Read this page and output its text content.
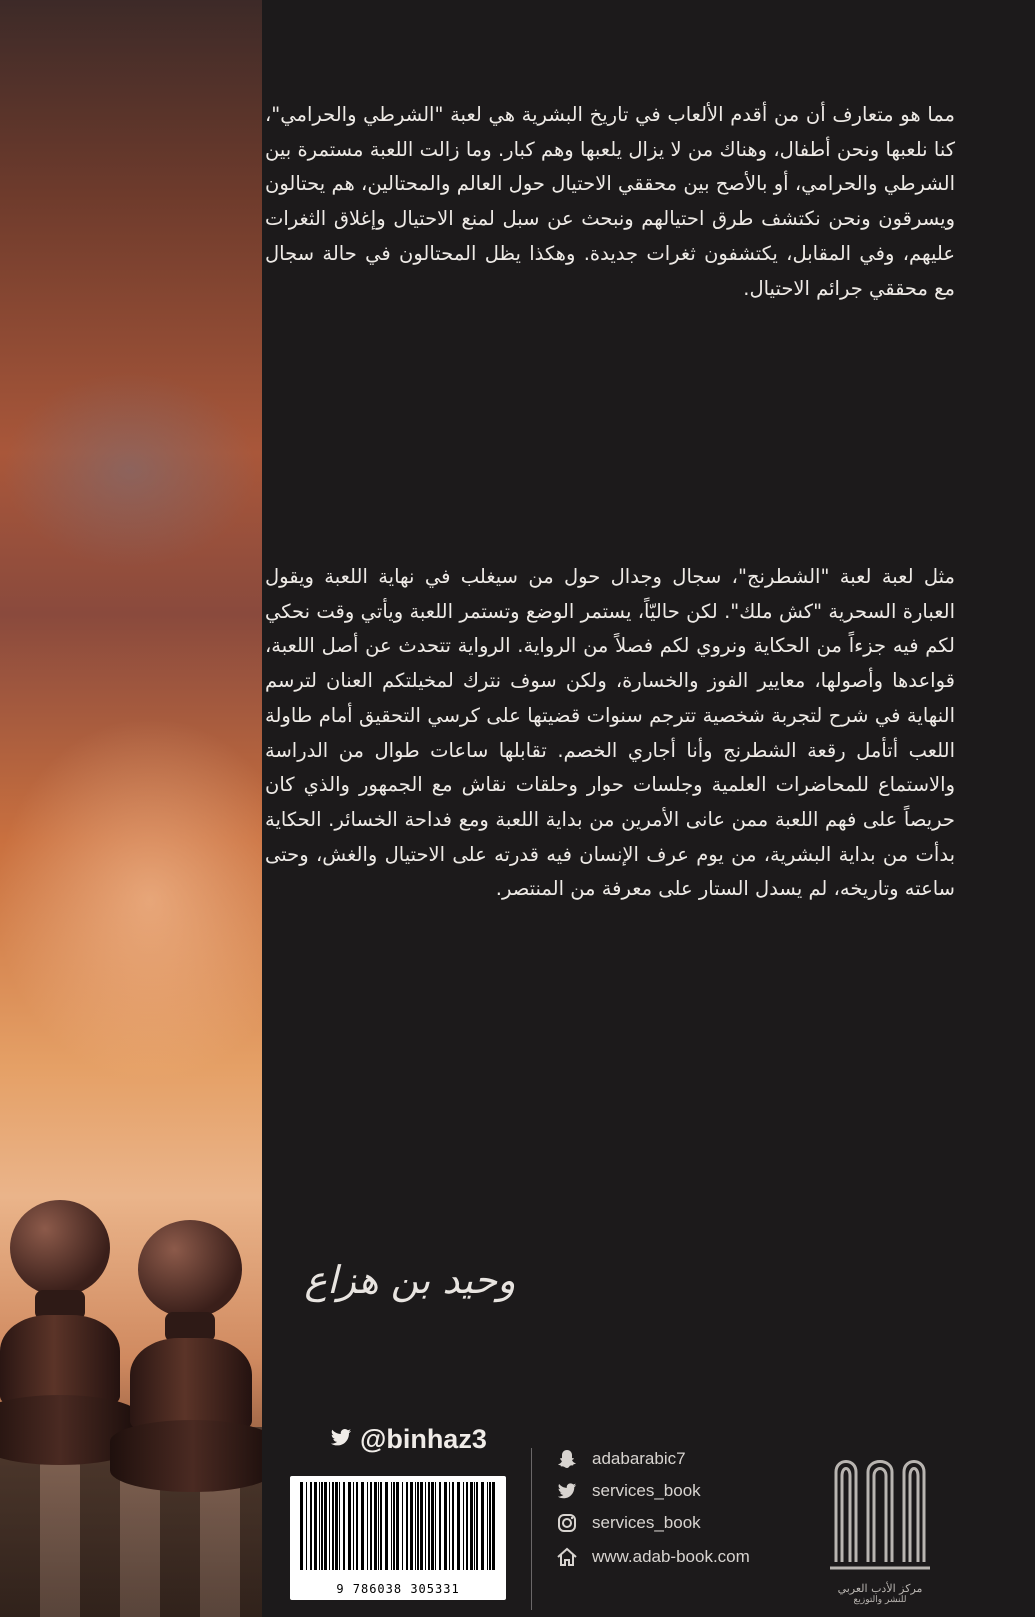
مما هو متعارف أن من أقدم الألعاب في تاريخ البشرية هي لعبة "الشرطي والحرامي"، كنا نلعبها ونحن أطفال، وهناك من لا يزال يلعبها وهم كبار. وما زالت اللعبة مستمرة بين الشرطي والحرامي، أو بالأصح بين محققي الاحتيال حول العالم والمحتالين، هم يحتالون ويسرقون ونحن نكتشف طرق احتيالهم ونبحث عن سبل لمنع الاحتيال وإغلاق الثغرات عليهم، وفي المقابل، يكتشفون ثغرات جديدة. وهكذا يظل المحتالون في حالة سجال مع محققي جرائم الاحتيال.

مثل لعبة لعبة "الشطرنج"، سجال وجدال حول من سيغلب في نهاية اللعبة ويقول العبارة السحرية "كش ملك". لكن حاليّاً، يستمر الوضع وتستمر اللعبة ويأتي وقت نحكي لكم فيه جزءاً من الحكاية ونروي لكم فصلاً من الرواية. الرواية تتحدث عن أصل اللعبة، قواعدها وأصولها، معايير الفوز والخسارة، ولكن سوف نترك لمخيلتكم العنان لترسم النهاية في شرح لتجربة شخصية تترجم سنوات قضيتها على كرسي التحقيق أمام طاولة اللعب أتأمل رقعة الشطرنج وأنا أجاري الخصم. تقابلها ساعات طوال من الدراسة والاستماع للمحاضرات العلمية وجلسات حوار وحلقات نقاش مع الجمهور والذي كان حريصاً على فهم اللعبة ممن عانى الأمرين من بداية اللعبة ومع فداحة الخسائر. الحكاية بدأت من بداية البشرية، من يوم عرف الإنسان فيه قدرته على الاحتيال والغش، وحتى ساعته وتاريخه، لم يسدل الستار على معرفة من المنتصر.

وحيد بن هزاع
@binhaz3
9 786038 305331
adabarabic7
services_book
services_book
www.adab-book.com
مركز الأدب العربي
للنشر والتوزيع
